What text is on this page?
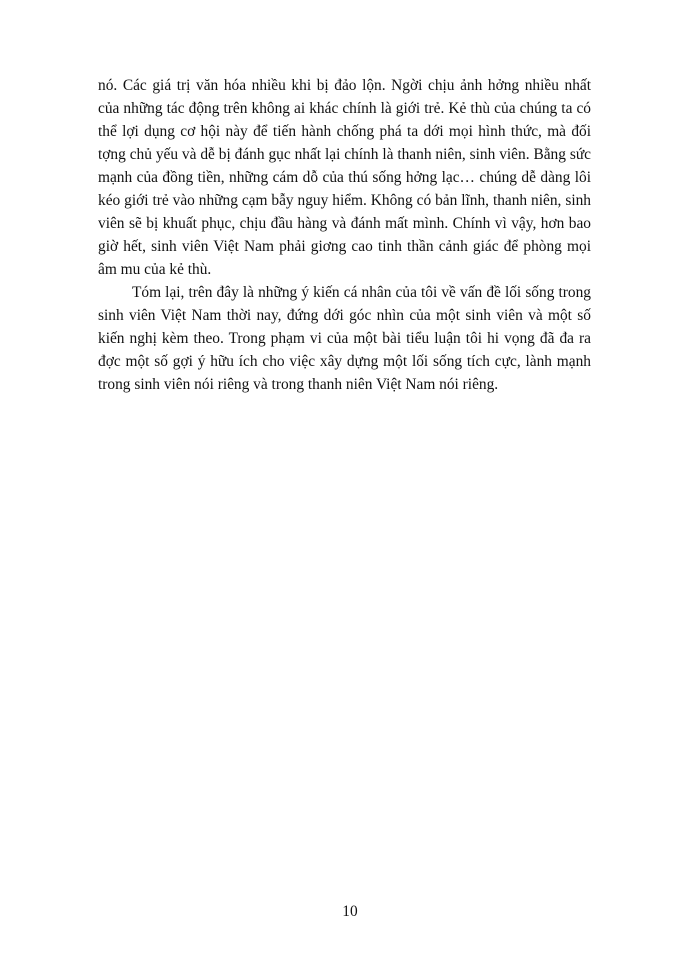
nó. Các giá trị văn hóa nhiều khi bị đảo lộn. Ngời chịu ảnh hởng nhiều nhất
của những tác động trên không ai khác chính là giới trẻ. Kẻ thù của chúng ta có
thể lợi dụng cơ hội này để tiến hành chống phá ta dới mọi hình thức, mà đối
tợng chủ yếu và dễ bị đánh gục nhất lại chính là thanh niên, sinh viên. Bằng sức
mạnh của đồng tiền, những cám dỗ của thú sống hởng lạc… chúng dễ dàng lôi
kéo giới trẻ vào những cạm bẫy nguy hiểm. Không có bản lĩnh, thanh niên, sinh
viên sẽ bị khuất phục, chịu đầu hàng và đánh mất mình. Chính vì vậy, hơn bao
giờ hết, sinh viên Việt Nam phải giơng cao tinh thần cảnh giác để phòng mọi
âm mu của kẻ thù.

Tóm lại, trên đây là những ý kiến cá nhân của tôi về vấn đề lối sống trong
sinh viên Việt Nam thời nay, đứng dới góc nhìn của một sinh viên và một số
kiến nghị kèm theo. Trong phạm vi của một bài tiểu luận tôi hi vọng đã đa ra
đợc một số gợi ý hữu ích cho việc xây dựng một lối sống tích cực, lành mạnh
trong sinh viên nói riêng và trong thanh niên Việt Nam nói riêng.

10
